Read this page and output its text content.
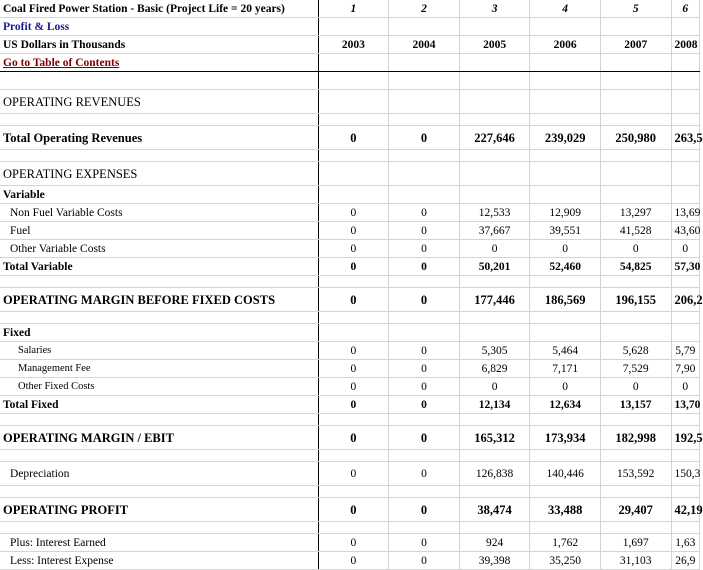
Coal Fired Power Station - Basic (Project Life = 20 years)	1	2	3	4	5	6
Profit & Loss						
US Dollars in Thousands	2003	2004	2005	2006	2007	2008
Go to Table of Contents						

OPERATING REVENUES						

Total Operating Revenues	0	0	227,646	239,029	250,980	263,5

OPERATING EXPENSES						
Variable						
Non Fuel Variable Costs	0	0	12,533	12,909	13,297	13,69
Fuel	0	0	37,667	39,551	41,528	43,60
Other Variable Costs	0	0	0	0	0	0
Total Variable	0	0	50,201	52,460	54,825	57,30

OPERATING MARGIN BEFORE FIXED COSTS	0	0	177,446	186,569	196,155	206,2

Fixed						
Salaries	0	0	5,305	5,464	5,628	5,79
Management Fee	0	0	6,829	7,171	7,529	7,90
Other Fixed Costs	0	0	0	0	0	0
Total Fixed	0	0	12,134	12,634	13,157	13,70

OPERATING MARGIN / EBIT	0	0	165,312	173,934	182,998	192,5

Depreciation	0	0	126,838	140,446	153,592	150,3

OPERATING PROFIT	0	0	38,474	33,488	29,407	42,19

Plus: Interest Earned	0	0	924	1,762	1,697	1,63
Less: Interest Expense	0	0	39,398	35,250	31,103	26,9
